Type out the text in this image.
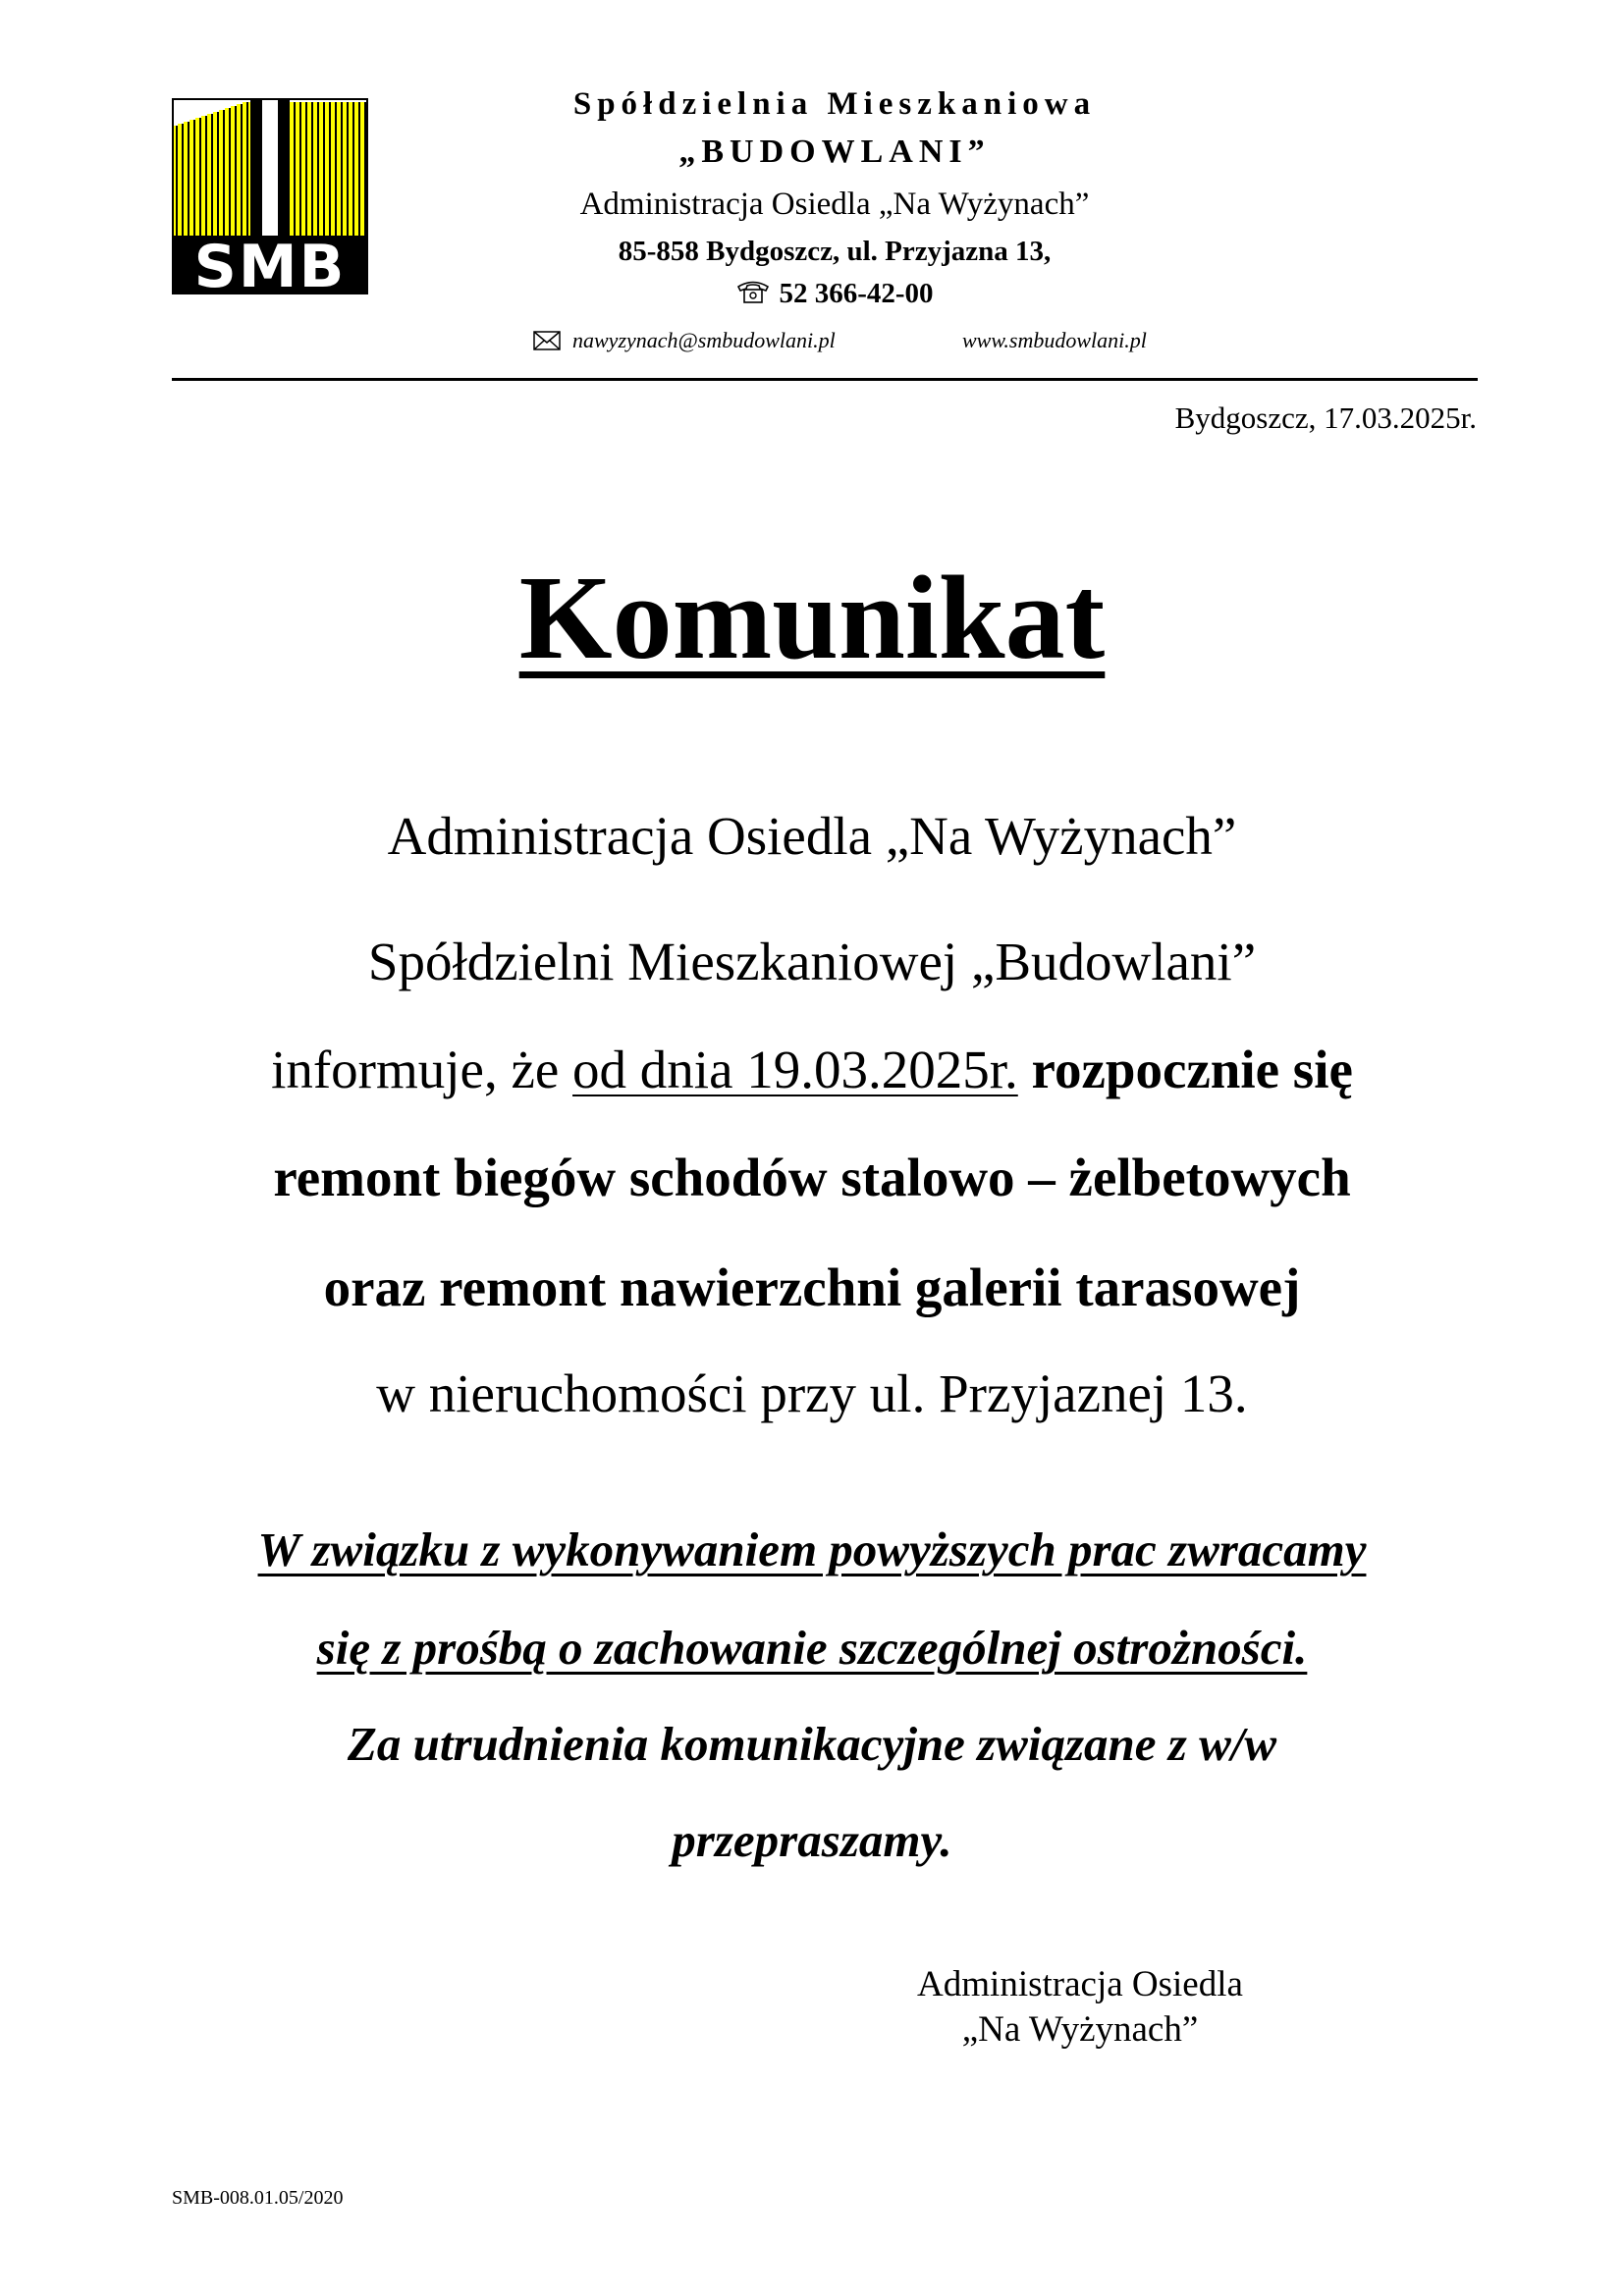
SMB
Spółdzielnia Mieszkaniowa
„BUDOWLANI”
Administracja Osiedla „Na Wyżynach”
85-858 Bydgoszcz, ul. Przyjazna 13,
52 366-42-00
nawyzynach@smbudowlani.pl	www.smbudowlani.pl
Bydgoszcz, 17.03.2025r.
Komunikat
Administracja Osiedla „Na Wyżynach”
Spółdzielni Mieszkaniowej „Budowlani”
informuje, że od dnia 19.03.2025r. rozpocznie się
remont biegów schodów stalowo – żelbetowych
oraz remont nawierzchni galerii tarasowej
w nieruchomości przy ul. Przyjaznej 13.
W związku z wykonywaniem powyższych prac zwracamy
się z prośbą o zachowanie szczególnej ostrożności.
Za utrudnienia komunikacyjne związane z w/w
przepraszamy.
Administracja Osiedla
„Na Wyżynach”
SMB-008.01.05/2020
